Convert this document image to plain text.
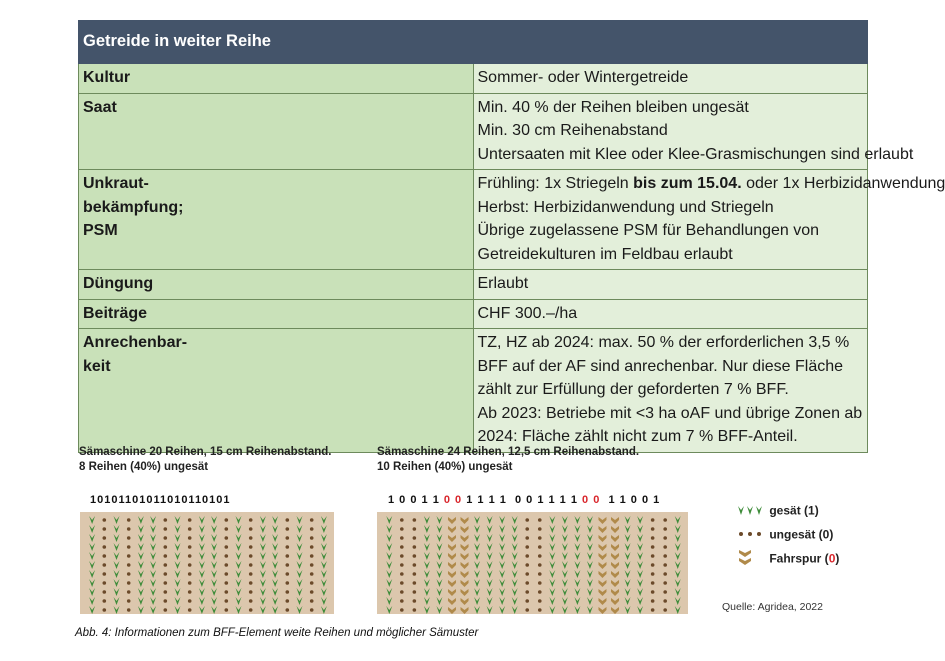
Getreide in weiter Reihe	
Kultur	Sommer- oder Wintergetreide

Saat	Min. 40 % der Reihen bleiben ungesät
Min. 30 cm Reihenabstand
Untersaaten mit Klee oder Klee-Grasmischungen sind erlaubt

Unkraut-
bekämpfung;
PSM	Frühling: 1x Striegeln bis zum 15.04. oder 1x Herbizidanwendung
Herbst: Herbizidanwendung und Striegeln
Übrige zugelassene PSM für Behandlungen von Getreidekulturen im Feldbau erlaubt

Düngung	Erlaubt

Beiträge	CHF 300.–/ha

Anrechenbar-
keit	TZ, HZ ab 2024: max. 50 % der erforderlichen 3,5 % BFF auf der AF sind anrechenbar. Nur diese Fläche zählt zur Erfüllung der geforderten 7 % BFF.
Ab 2023: Betriebe mit <3 ha oAF und übrige Zonen ab 2024: Fläche zählt nicht zum 7 % BFF-Anteil.
Sämaschine 20 Reihen, 15 cm Reihenabstand.
8 Reihen (40%) ungesät
10101101011010110101
Sämaschine 24 Reihen, 12,5 cm Reihenabstand.
10 Reihen (40%) ungesät
1 0 0 1 1 0 0 1 1 1 1  0 0 1 1 1 1 0 0  1 1 0 0 1
gesät (1)
ungesät (0)
Fahrspur (0)
Quelle: Agridea, 2022
Abb. 4: Informationen zum BFF-Element weite Reihen und möglicher Sämuster
